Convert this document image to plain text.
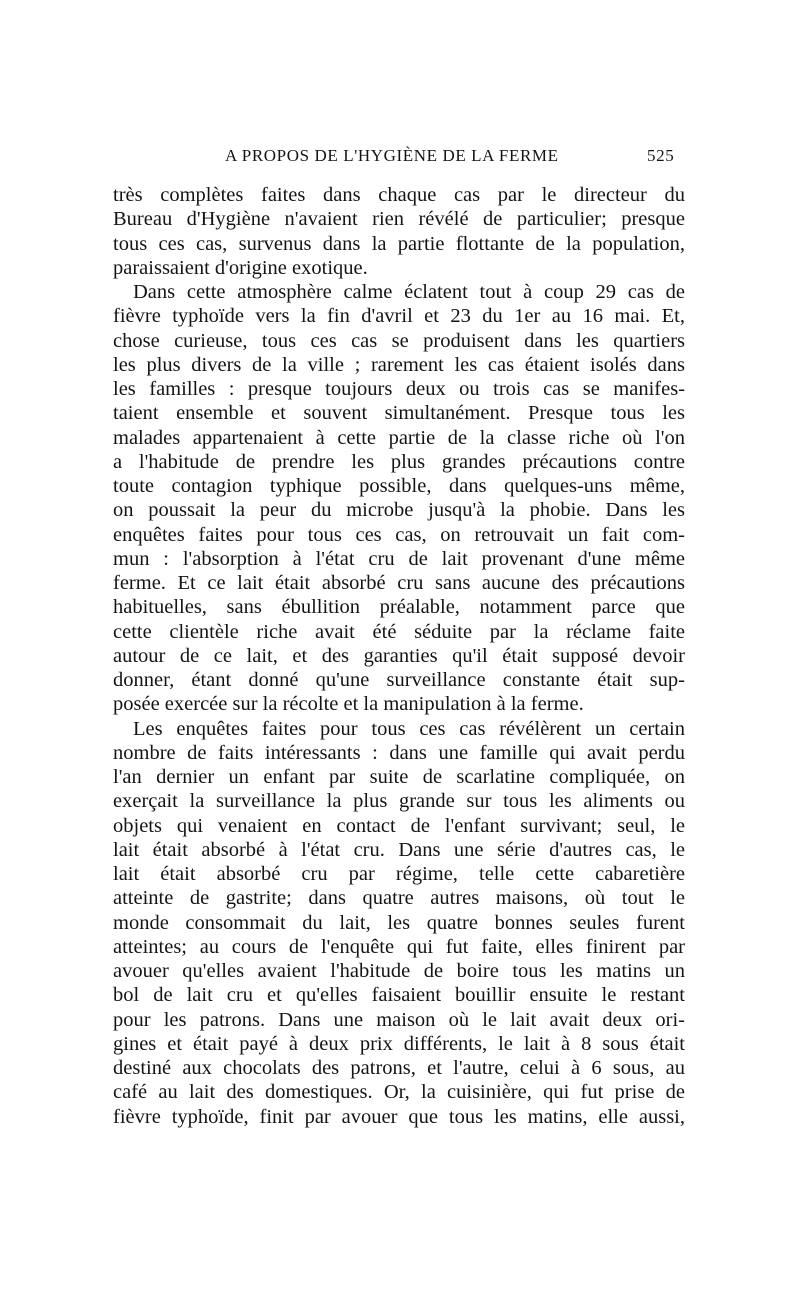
A PROPOS DE L'HYGIÈNE DE LA FERME	525
très complètes faites dans chaque cas par le directeur du
Bureau d'Hygiène n'avaient rien révélé de particulier; presque
tous ces cas, survenus dans la partie flottante de la population,
paraissaient d'origine exotique.
Dans cette atmosphère calme éclatent tout à coup 29 cas de
fièvre typhoïde vers la fin d'avril et 23 du 1er au 16 mai. Et,
chose curieuse, tous ces cas se produisent dans les quartiers
les plus divers de la ville ; rarement les cas étaient isolés dans
les familles : presque toujours deux ou trois cas se manifes-
taient ensemble et souvent simultanément. Presque tous les
malades appartenaient à cette partie de la classe riche où l'on
a l'habitude de prendre les plus grandes précautions contre
toute contagion typhique possible, dans quelques-uns même,
on poussait la peur du microbe jusqu'à la phobie. Dans les
enquêtes faites pour tous ces cas, on retrouvait un fait com-
mun : l'absorption à l'état cru de lait provenant d'une même
ferme. Et ce lait était absorbé cru sans aucune des précautions
habituelles, sans ébullition préalable, notamment parce que
cette clientèle riche avait été séduite par la réclame faite
autour de ce lait, et des garanties qu'il était supposé devoir
donner, étant donné qu'une surveillance constante était sup-
posée exercée sur la récolte et la manipulation à la ferme.
Les enquêtes faites pour tous ces cas révélèrent un certain
nombre de faits intéressants : dans une famille qui avait perdu
l'an dernier un enfant par suite de scarlatine compliquée, on
exerçait la surveillance la plus grande sur tous les aliments ou
objets qui venaient en contact de l'enfant survivant; seul, le
lait était absorbé à l'état cru. Dans une série d'autres cas, le
lait était absorbé cru par régime, telle cette cabaretière
atteinte de gastrite; dans quatre autres maisons, où tout le
monde consommait du lait, les quatre bonnes seules furent
atteintes; au cours de l'enquête qui fut faite, elles finirent par
avouer qu'elles avaient l'habitude de boire tous les matins un
bol de lait cru et qu'elles faisaient bouillir ensuite le restant
pour les patrons. Dans une maison où le lait avait deux ori-
gines et était payé à deux prix différents, le lait à 8 sous était
destiné aux chocolats des patrons, et l'autre, celui à 6 sous, au
café au lait des domestiques. Or, la cuisinière, qui fut prise de
fièvre typhoïde, finit par avouer que tous les matins, elle aussi,
